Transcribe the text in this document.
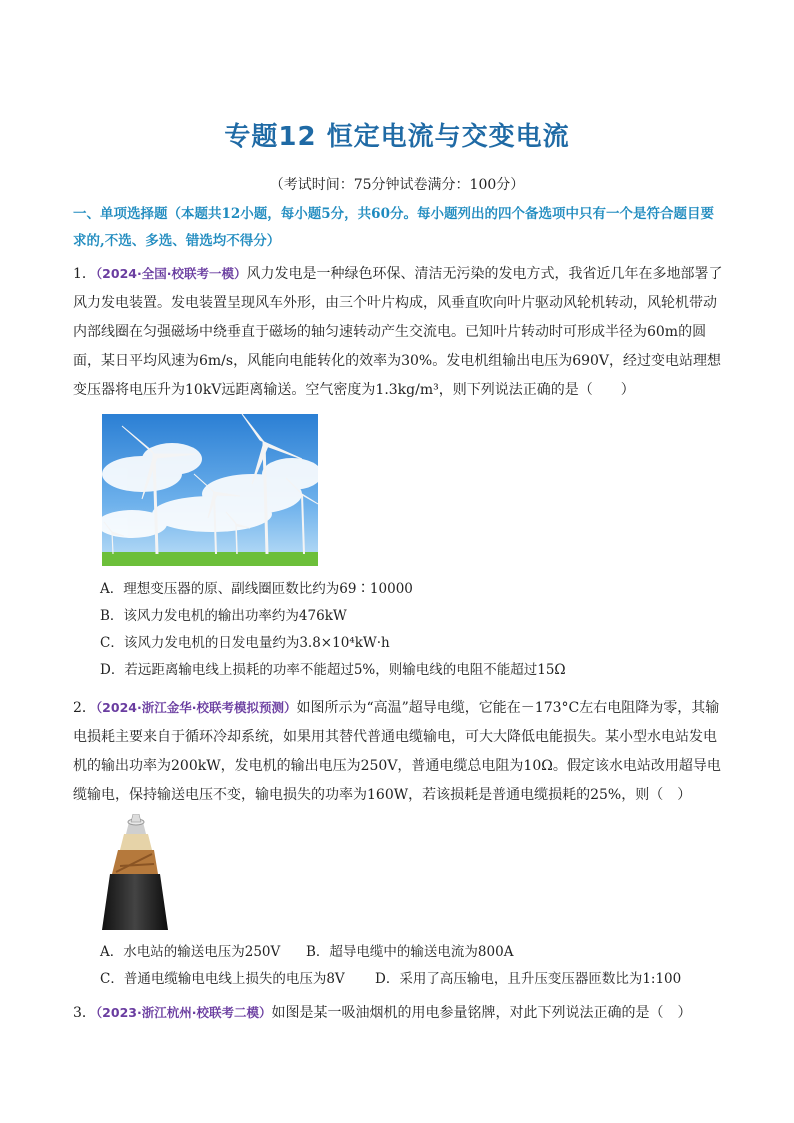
专题12 恒定电流与交变电流
（考试时间：75分钟试卷满分：100分）
一、单项选择题（本题共12小题，每小题5分，共60分。每小题列出的四个备选项中只有一个是符合题目要求的,不选、多选、错选均不得分）
1．（2024·全国·校联考一模）风力发电是一种绿色环保、清洁无污染的发电方式，我省近几年在多地部署了风力发电装置。发电装置呈现风车外形，由三个叶片构成，风垂直吹向叶片驱动风轮机转动，风轮机带动内部线圈在匀强磁场中绕垂直于磁场的轴匀速转动产生交流电。已知叶片转动时可形成半径为60m的圆面，某日平均风速为6m/s，风能向电能转化的效率为30%。发电机组输出电压为690V，经过变电站理想变压器将电压升为10kV远距离输送。空气密度为1.3kg/m³，则下列说法正确的是（　　）
A．理想变压器的原、副线圈匝数比约为69∶10000
B．该风力发电机的输出功率约为476kW
C．该风力发电机的日发电量约为3.8×10⁴kW·h
D．若远距离输电线上损耗的功率不能超过5%，则输电线的电阻不能超过15Ω
2．（2024·浙江金华·校联考模拟预测）如图所示为“高温”超导电缆，它能在－173°C左右电阻降为零，其输电损耗主要来自于循环冷却系统，如果用其替代普通电缆输电，可大大降低电能损失。某小型水电站发电机的输出功率为200kW，发电机的输出电压为250V，普通电缆总电阻为10Ω。假定该水电站改用超导电缆输电，保持输送电压不变，输电损失的功率为160W，若该损耗是普通电缆损耗的25%，则（　）
A．水电站的输送电压为250V B．超导电缆中的输送电流为800A
C．普通电缆输电电线上损失的电压为8V D．采用了高压输电，且升压变压器匝数比为1:100
3．（2023·浙江杭州·校联考二模）如图是某一吸油烟机的用电参量铭牌，对此下列说法正确的是（　）
